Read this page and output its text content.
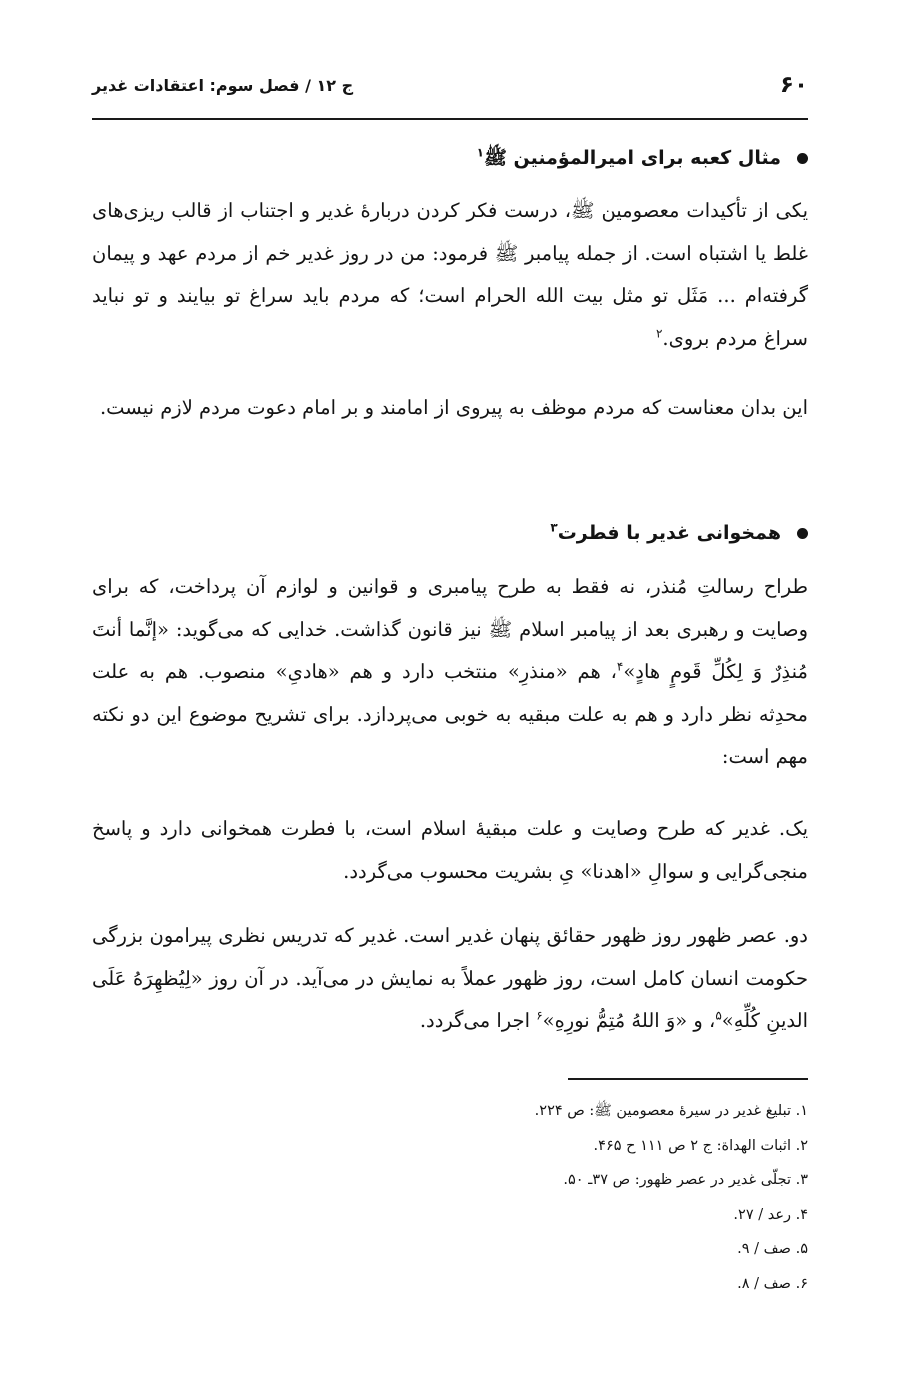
۶۰
ج ۱۲ / فصل سوم: اعتقادات غدیر
مثال کعبه برای امیرالمؤمنین ﷺ$^۱$
یکی از تأکیدات معصومین ﷺ، درست فکر کردن دربارهٔ غدیر و اجتناب از قالب ریزی‌های غلط یا اشتباه است. از جمله پیامبر ﷺ فرمود: من در روز غدیر خم از مردم عهد و پیمان گرفته‌ام ... مَثَل تو مثل بیت الله الحرام است؛ که مردم باید سراغ تو بیایند و تو نباید سراغ مردم بروی.$^۲$
این بدان معناست که مردم موظف به پیروی از امامند و بر امام دعوت مردم لازم نیست.
همخوانی غدیر با فطرت$^۳$
طراح رسالتِ مُنذر، نه فقط به طرح پیامبری و قوانین و لوازم آن پرداخت، که برای وصایت و رهبری بعد از پیامبر اسلام ﷺ نیز قانون گذاشت. خدایی که می‌گوید: «إنَّما أنتَ مُنذِرٌ وَ لِکُلِّ قَومٍ هادٍ»$^۴$، هم «منذرِ» منتخب دارد و هم «هادیِ» منصوب. هم به علت محدِثه نظر دارد و هم به علت مبقیه به خوبی می‌پردازد. برای تشریح موضوع این دو نکته مهم است:
یک. غدیر که طرح وصایت و علت مبقیهٔ اسلام است، با فطرت همخوانی دارد و پاسخ منجی‌گرایی و سوالِ «اهدنا» یِ بشریت محسوب می‌گردد.
دو. عصر ظهور روز ظهور حقائق پنهان غدیر است. غدیر که تدریس نظری پیرامون بزرگی حکومت انسان کامل است، روز ظهور عملاً به نمایش در می‌آید. در آن روز «لِیُظهِرَهُ عَلَی الدینِ کُلِّهِ»$^۵$، و «وَ اللهُ مُتِمُّ نورِهِ»$^۶$ اجرا می‌گردد.
۱. تبلیغ غدیر در سیرهٔ معصومین ﷺ: ص ۲۲۴.
۲. اثبات الهداة: ج ۲ ص ۱۱۱ ح ۴۶۵.
۳. تجلّی غدیر در عصر ظهور: ص ۳۷ـ ۵۰.
۴. رعد / ۲۷.
۵. صف / ۹.
۶. صف / ۸.
